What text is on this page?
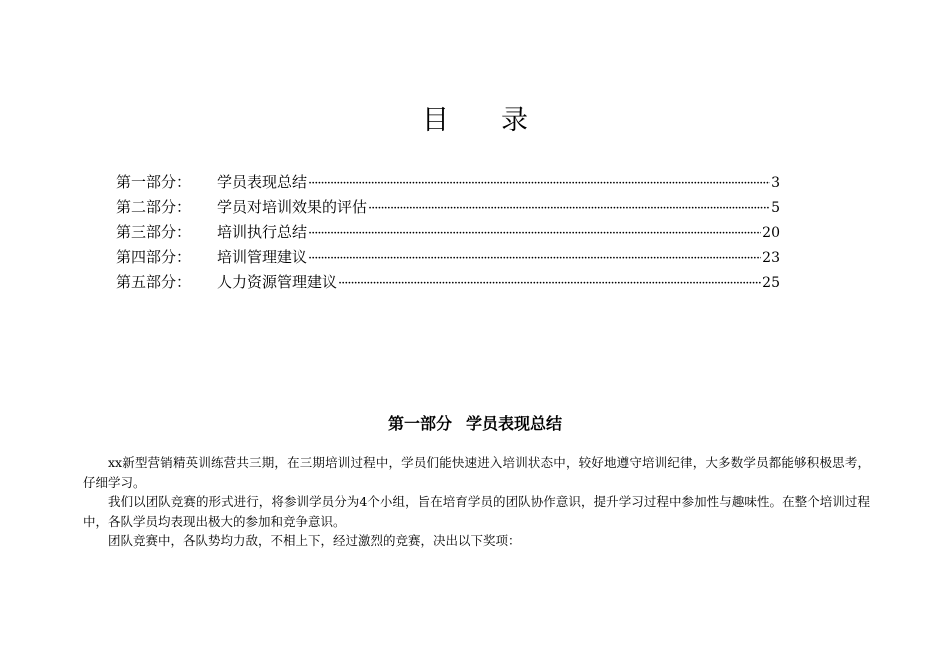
目录
第一部分：	学员表现总结 ·····	3
第二部分：	学员对培训效果的评估 ·····	5
第三部分：	培训执行总结 ·····	20
第四部分：	培训管理建议 ·····	23
第五部分：	人力资源管理建议 ·····	25
第一部分 学员表现总结

xx新型营销精英训练营共三期，在三期培训过程中，学员们能快速进入培训状态中，较好地遵守培训纪律，大多数学员都能够积极思考，仔细学习。

我们以团队竞赛的形式进行，将参训学员分为4个小组，旨在培育学员的团队协作意识，提升学习过程中参加性与趣味性。在整个培训过程中，各队学员均表现出极大的参加和竞争意识。

团队竞赛中，各队势均力敌，不相上下，经过激烈的竞赛，决出以下奖项：
